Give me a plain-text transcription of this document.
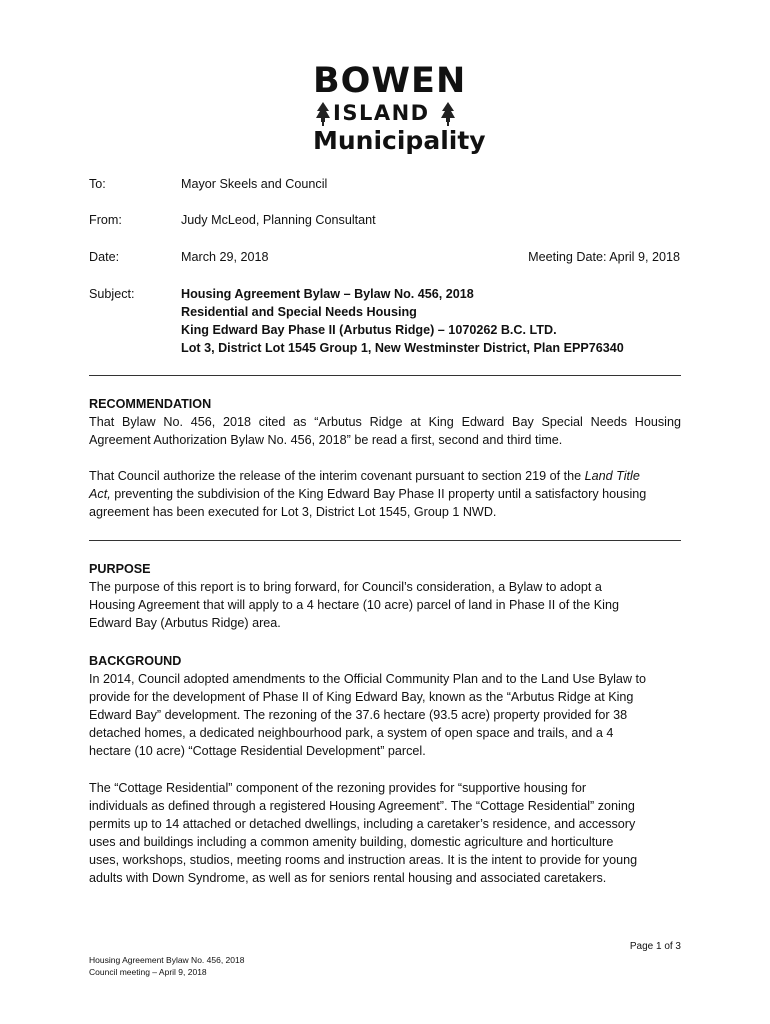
BOWEN
ISLAND
Municipality
To:	Mayor Skeels and Council
From:	Judy McLeod, Planning Consultant
Date:	March 29, 2018	Meeting Date: April 9, 2018
Subject:	Housing Agreement Bylaw – Bylaw No. 456, 2018
Residential and Special Needs Housing
King Edward Bay Phase II (Arbutus Ridge) – 1070262 B.C. LTD.
Lot 3, District Lot 1545 Group 1, New Westminster District, Plan EPP76340
RECOMMENDATION
That Bylaw No. 456, 2018 cited as “Arbutus Ridge at King Edward Bay Special Needs Housing
Agreement Authorization Bylaw No. 456, 2018” be read a first, second and third time.
That Council authorize the release of the interim covenant pursuant to section 219 of the Land Title
Act, preventing the subdivision of the King Edward Bay Phase II property until a satisfactory housing
agreement has been executed for Lot 3, District Lot 1545, Group 1 NWD.
PURPOSE
The purpose of this report is to bring forward, for Council’s consideration, a Bylaw to adopt a
Housing Agreement that will apply to a 4 hectare (10 acre) parcel of land in Phase II of the King
Edward Bay (Arbutus Ridge) area.
BACKGROUND
In 2014, Council adopted amendments to the Official Community Plan and to the Land Use Bylaw to
provide for the development of Phase II of King Edward Bay, known as the “Arbutus Ridge at King
Edward Bay” development. The rezoning of the 37.6 hectare (93.5 acre) property provided for 38
detached homes, a dedicated neighbourhood park, a system of open space and trails, and a 4
hectare (10 acre) “Cottage Residential Development” parcel.
The “Cottage Residential” component of the rezoning provides for “supportive housing for
individuals as defined through a registered Housing Agreement”. The “Cottage Residential” zoning
permits up to 14 attached or detached dwellings, including a caretaker’s residence, and accessory
uses and buildings including a common amenity building, domestic agriculture and horticulture
uses, workshops, studios, meeting rooms and instruction areas. It is the intent to provide for young
adults with Down Syndrome, as well as for seniors rental housing and associated caretakers.
Page 1 of 3
Housing Agreement Bylaw No. 456, 2018
Council meeting – April 9, 2018
